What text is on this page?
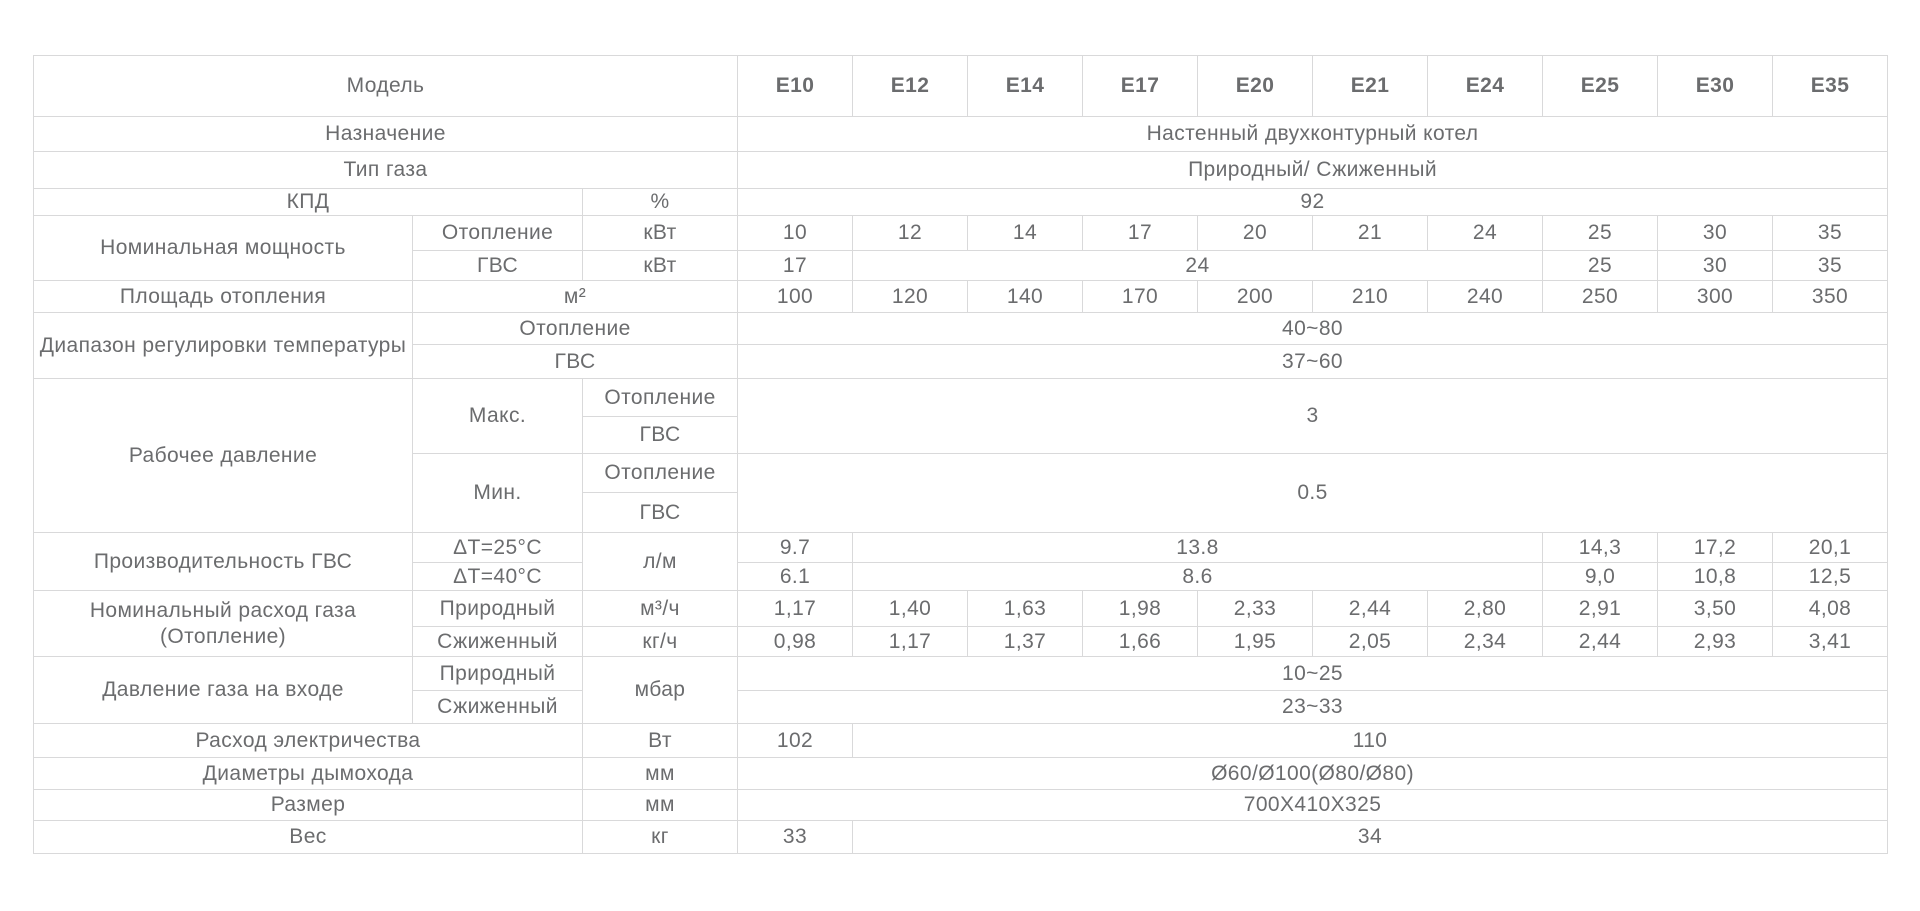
Модель			E10	E12	E14	E17	E20	E21	E24	E25	E30	E35
Назначение			Настенный двухконтурный котел									
Тип газа			Природный/ Сжиженный									
КПД		%	92									
Номинальная мощность	Отопление	кВт	10	12	14	17	20	21	24	25	30	35
	ГВС	кВт	17	24						25	30	35
Площадь отопления	м²		100	120	140	170	200	210	240	250	300	350
Диапазон регулировки температуры	Отопление		40~80									
	ГВС		37~60									
Рабочее давление	Макс.	Отопление	3									
		ГВС										
	Мин.	Отопление	0.5									
		ГВС										
Производительность ГВС	ΔT=25°C	л/м	9.7	13.8						14,3	17,2	20,1
	ΔT=40°C		6.1	8.6						9,0	10,8	12,5
Номинальный расход газа (Отопление)	Природный	м³/ч	1,17	1,40	1,63	1,98	2,33	2,44	2,80	2,91	3,50	4,08
	Сжиженный	кг/ч	0,98	1,17	1,37	1,66	1,95	2,05	2,34	2,44	2,93	3,41
Давление газа на входе	Природный	мбар	10~25									
	Сжиженный		23~33									
Расход электричества		Вт	102	110								
Диаметры дымохода		мм	Ø60/Ø100(Ø80/Ø80)									
Размер		мм	700X410X325									
Вес		кг	33	34								
